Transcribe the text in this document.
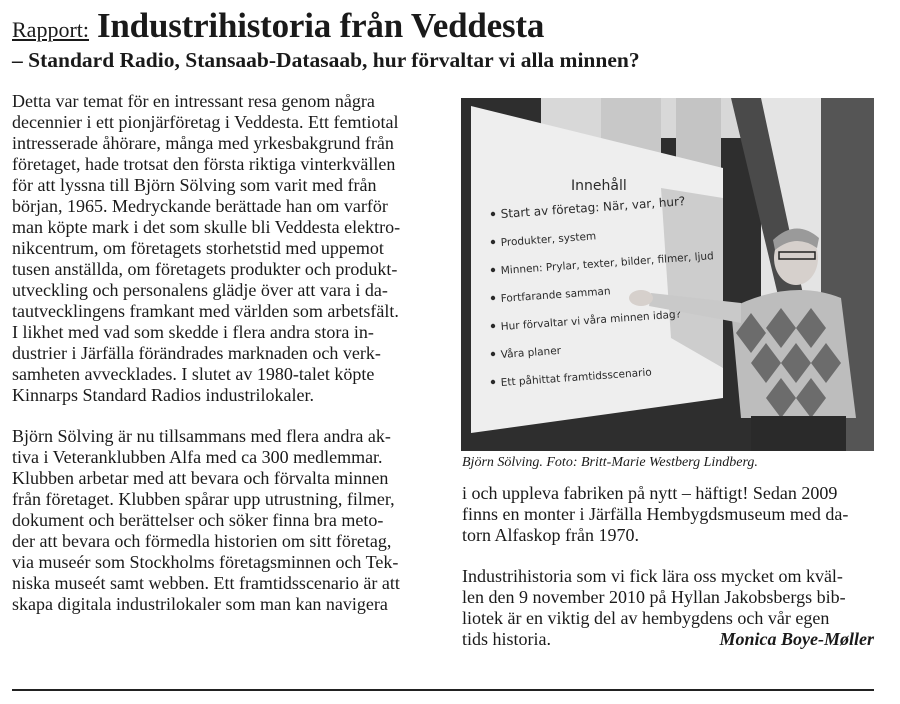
Rapport: Industrihistoria från Veddesta
– Standard Radio, Stansaab-Datasaab, hur förvaltar vi alla minnen?

Detta var temat för en intressant resa genom några
decennier i ett pionjärföretag i Veddesta. Ett femtiotal
intresserade åhörare, många med yrkesbakgrund från
företaget, hade trotsat den första riktiga vinterkvällen
för att lyssna till Björn Sölving som varit med från
början, 1965. Medryckande berättade han om varför
man köpte mark i det som skulle bli Veddesta elektro-
nikcentrum, om företagets storhetstid med uppemot
tusen anställda, om företagets produkter och produkt-
utveckling och personalens glädje över att vara i da-
tautvecklingens framkant med världen som arbetsfält.
I likhet med vad som skedde i flera andra stora in-
dustrier i Järfälla förändrades marknaden och verk-
samheten avvecklades. I slutet av 1980-talet köpte
Kinnarps Standard Radios industrilokaler.

Björn Sölving är nu tillsammans med flera andra ak-
tiva i Veteranklubben Alfa med ca 300 medlemmar.
Klubben arbetar med att bevara och förvalta minnen
från företaget. Klubben spårar upp utrustning, filmer,
dokument och berättelser och söker finna bra meto-
der att bevara och förmedla historien om sitt företag,
via museér som Stockholms företagsminnen och Tek-
niska museét samt webben. Ett framtidsscenario är att
skapa digitala industrilokaler som man kan navigera

Innehåll
Start av företag: När, var, hur?
Produkter, system
Minnen: Prylar, texter, bilder, filmer, ljud
Fortfarande samman
Hur förvaltar vi våra minnen idag?
Våra planer
Ett påhittat framtidsscenario
Björn Sölving. Foto: Britt-Marie Westberg Lindberg.

i och uppleva fabriken på nytt – häftigt! Sedan 2009
finns en monter i Järfälla Hembygdsmuseum med da-
torn Alfaskop från 1970.

Industrihistoria som vi fick lära oss mycket om kväl-
len den 9 november 2010 på Hyllan Jakobsbergs bib-
liotek är en viktig del av hembygdens och vår egen

tids historia.	Monica Boye-Møller
